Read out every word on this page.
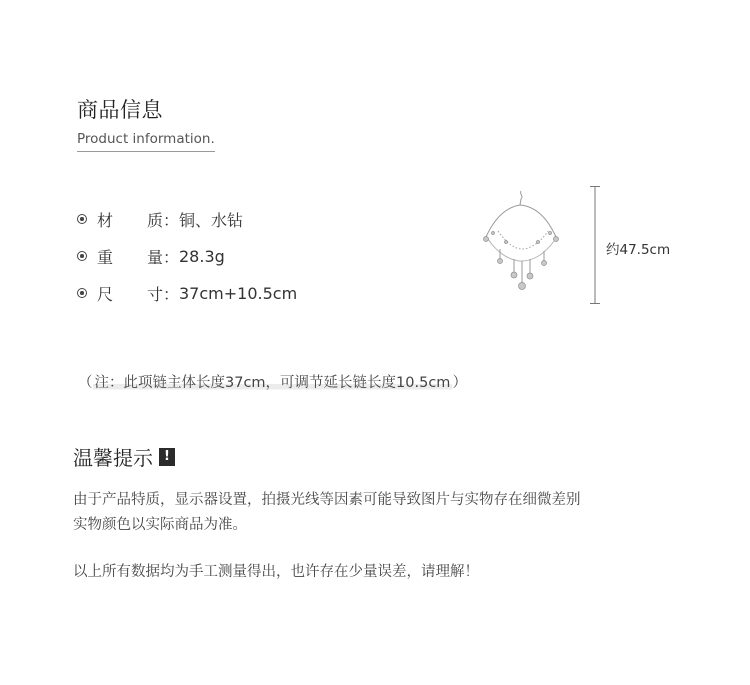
商品信息
Product information.
材 质： 铜、水钻
重 量： 28.3g
尺 寸： 37cm+10.5cm
约47.5cm
（ 注：此项链主体长度37cm，可调节延长链长度10.5cm ）
温馨提示 !
由于产品特质，显示器设置，拍摄光线等因素可能导致图片与实物存在细微差别
实物颜色以实际商品为准。
以上所有数据均为手工测量得出，也许存在少量误差，请理解！
